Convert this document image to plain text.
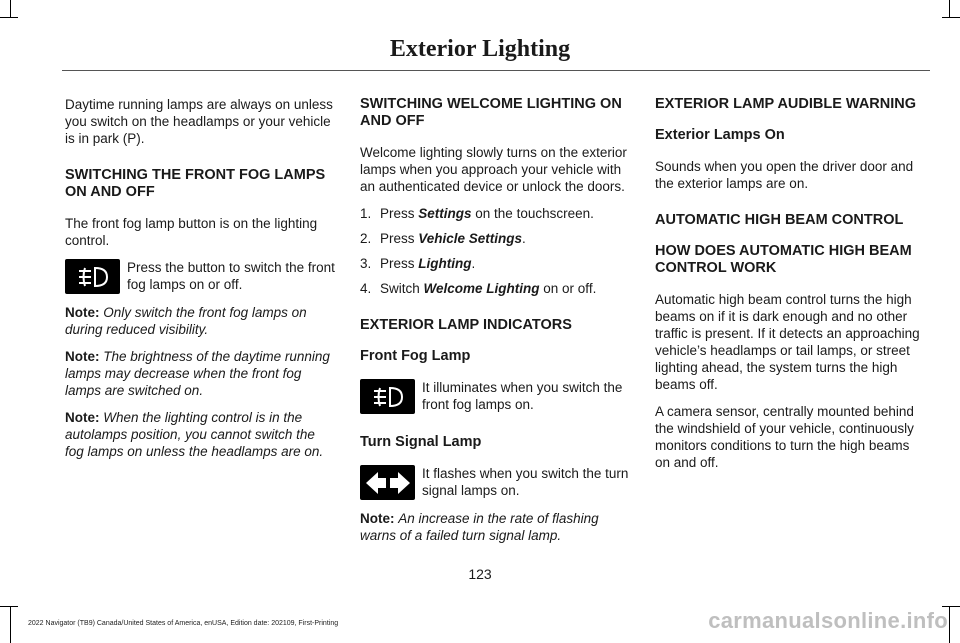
Exterior Lighting

Daytime running lamps are always on unless you switch on the headlamps or your vehicle is in park (P).

SWITCHING THE FRONT FOG LAMPS ON AND OFF

The front fog lamp button is on the lighting control.

Press the button to switch the front fog lamps on or off.

Note: Only switch the front fog lamps on during reduced visibility.

Note: The brightness of the daytime running lamps may decrease when the front fog lamps are switched on.

Note: When the lighting control is in the autolamps position, you cannot switch the fog lamps on unless the headlamps are on.

SWITCHING WELCOME LIGHTING ON AND OFF

Welcome lighting slowly turns on the exterior lamps when you approach your vehicle with an authenticated device or unlock the doors.

1. Press Settings on the touchscreen.
2. Press Vehicle Settings.
3. Press Lighting.
4. Switch Welcome Lighting on or off.
EXTERIOR LAMP INDICATORS
Front Fog Lamp

It illuminates when you switch the front fog lamps on.

Turn Signal Lamp

It flashes when you switch the turn signal lamps on.

Note: An increase in the rate of flashing warns of a failed turn signal lamp.

EXTERIOR LAMP AUDIBLE WARNING
Exterior Lamps On

Sounds when you open the driver door and the exterior lamps are on.

AUTOMATIC HIGH BEAM CONTROL
HOW DOES AUTOMATIC HIGH BEAM CONTROL WORK

Automatic high beam control turns the high beams on if it is dark enough and no other traffic is present. If it detects an approaching vehicle’s headlamps or tail lamps, or street lighting ahead, the system turns the high beams off.

A camera sensor, centrally mounted behind the windshield of your vehicle, continuously monitors conditions to turn the high beams on and off.

123
2022 Navigator (TB9) Canada/United States of America, enUSA, Edition date: 202109, First-Printing	carmanualsonline.info
